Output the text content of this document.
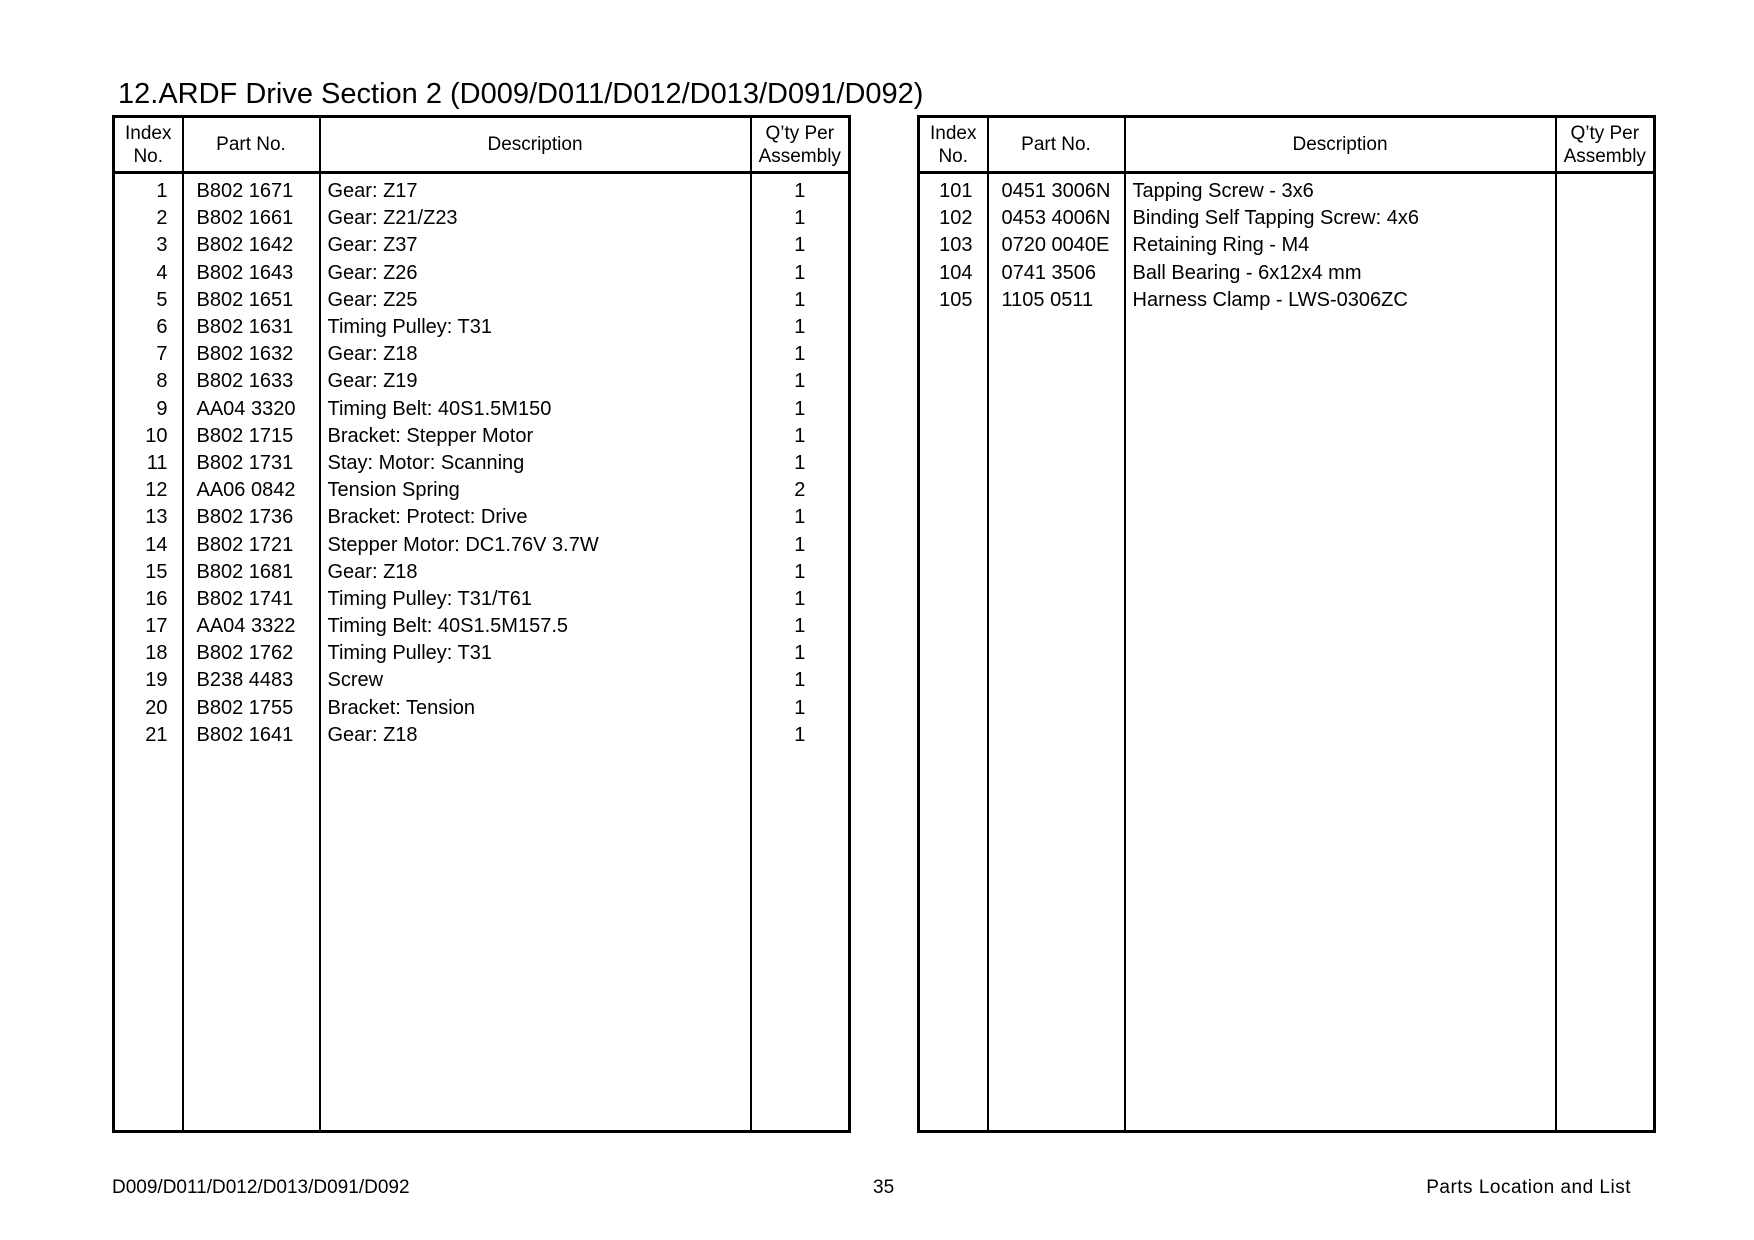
12.ARDF Drive Section 2 (D009/D011/D012/D013/D091/D092)
Index
No.	Part No.	Description	Q’ty Per
Assembly
1	B802 1671	Gear: Z17	1
2	B802 1661	Gear: Z21/Z23	1
3	B802 1642	Gear: Z37	1
4	B802 1643	Gear: Z26	1
5	B802 1651	Gear: Z25	1
6	B802 1631	Timing Pulley: T31	1
7	B802 1632	Gear: Z18	1
8	B802 1633	Gear: Z19	1
9	AA04 3320	Timing Belt: 40S1.5M150	1
10	B802 1715	Bracket: Stepper Motor	1
11	B802 1731	Stay: Motor: Scanning	1
12	AA06 0842	Tension Spring	2
13	B802 1736	Bracket: Protect: Drive	1
14	B802 1721	Stepper Motor: DC1.76V 3.7W	1
15	B802 1681	Gear: Z18	1
16	B802 1741	Timing Pulley: T31/T61	1
17	AA04 3322	Timing Belt: 40S1.5M157.5	1
18	B802 1762	Timing Pulley: T31	1
19	B238 4483	Screw	1
20	B802 1755	Bracket: Tension	1
21	B802 1641	Gear: Z18	1

Index
No.	Part No.	Description	Q’ty Per
Assembly
101	0451 3006N	Tapping Screw - 3x6	
102	0453 4006N	Binding Self Tapping Screw: 4x6	
103	0720 0040E	Retaining Ring - M4	
104	0741 3506	Ball Bearing - 6x12x4 mm	
105	1105 0511	Harness Clamp - LWS-0306ZC	

D009/D011/D012/D013/D091/D092	35	Parts Location and List
